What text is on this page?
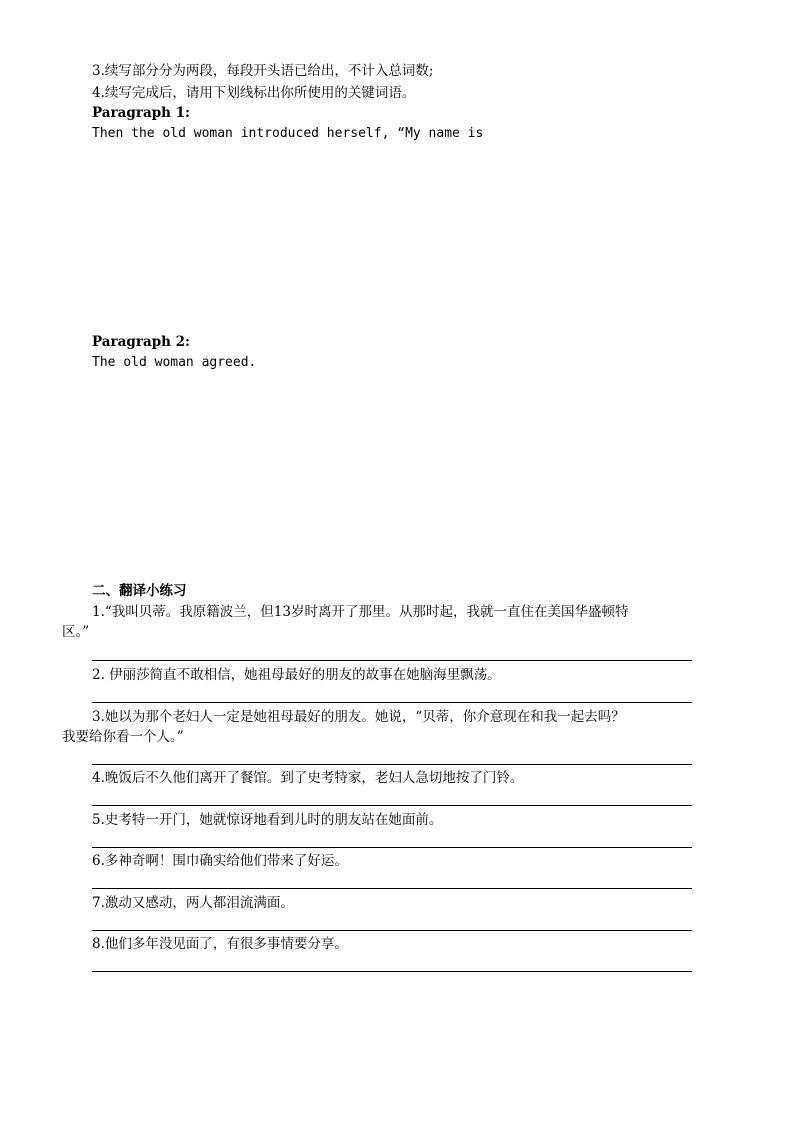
3.续写部分分为两段，每段开头语已给出，不计入总词数;
4.续写完成后，请用下划线标出你所使用的关键词语。
Paragraph 1:
Then the old woman introduced herself, “My name is
Paragraph 2:
The old woman agreed.
二、翻译小练习
1.“我叫贝蒂。我原籍波兰，但13岁时离开了那里。从那时起，我就一直住在美国华盛顿特
区。”
2. 伊丽莎简直不敢相信，她祖母最好的朋友的故事在她脑海里飘荡。
3.她以为那个老妇人一定是她祖母最好的朋友。她说，“贝蒂，你介意现在和我一起去吗？
我要给你看一个人。”
4.晚饭后不久他们离开了餐馆。到了史考特家，老妇人急切地按了门铃。
5.史考特一开门，她就惊讶地看到儿时的朋友站在她面前。
6.多神奇啊！围巾确实给他们带来了好运。
7.激动又感动，两人都泪流满面。
8.他们多年没见面了，有很多事情要分享。
